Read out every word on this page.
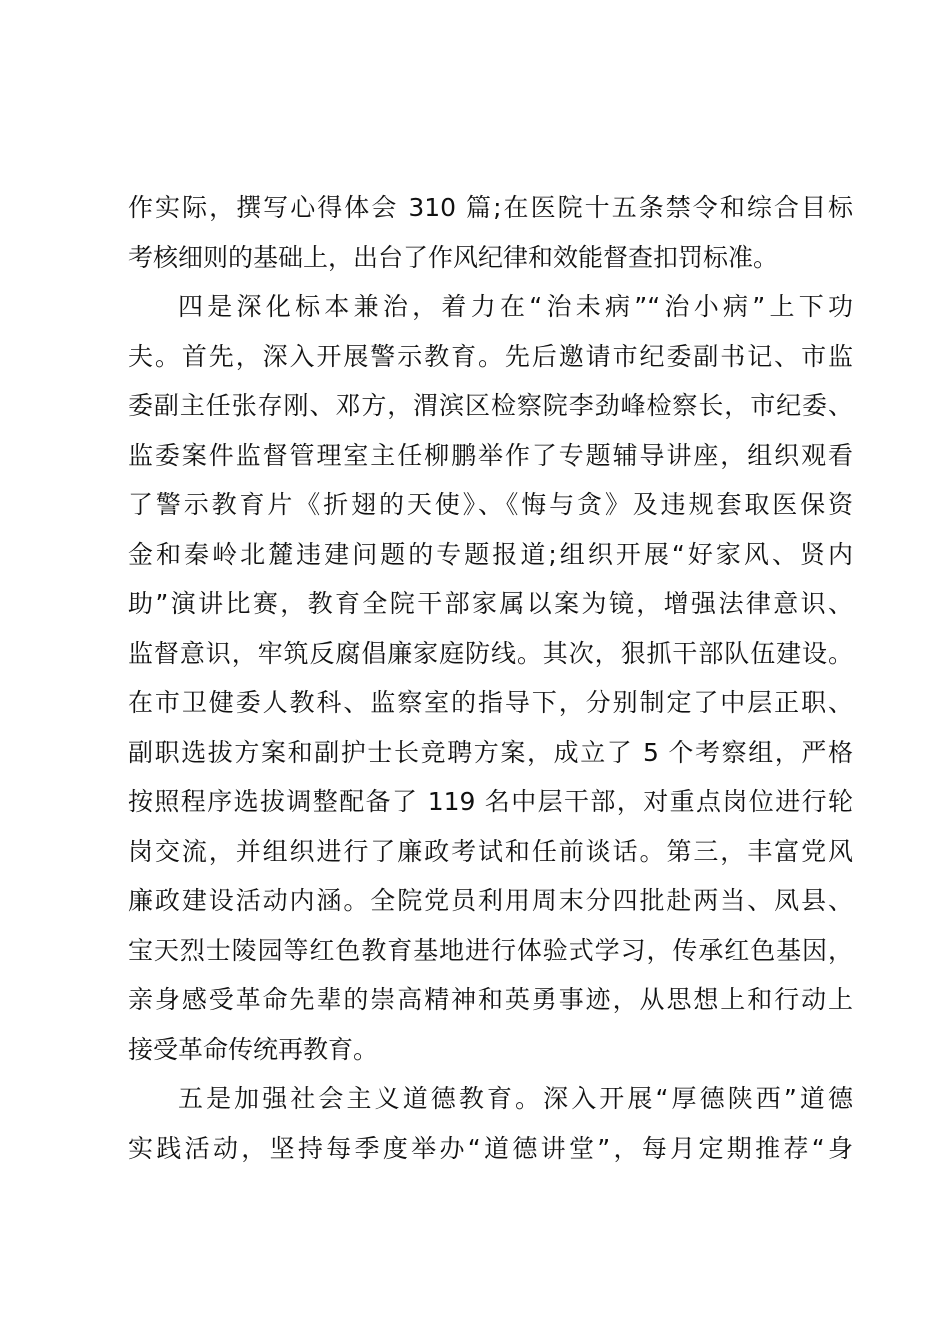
作实际，撰写心得体会 310 篇;在医院十五条禁令和综合目标
考核细则的基础上，出台了作风纪律和效能督查扣罚标准。
四是深化标本兼治，着力在“治未病”“治小病”上下功
夫。首先，深入开展警示教育。先后邀请市纪委副书记、市监
委副主任张存刚、邓方，渭滨区检察院李劲峰检察长，市纪委、
监委案件监督管理室主任柳鹏举作了专题辅导讲座，组织观看
了警示教育片《折翅的天使》、《悔与贪》及违规套取医保资
金和秦岭北麓违建问题的专题报道;组织开展“好家风、贤内
助”演讲比赛，教育全院干部家属以案为镜，增强法律意识、
监督意识，牢筑反腐倡廉家庭防线。其次，狠抓干部队伍建设。
在市卫健委人教科、监察室的指导下，分别制定了中层正职、
副职选拔方案和副护士长竞聘方案，成立了 5 个考察组，严格
按照程序选拔调整配备了 119 名中层干部，对重点岗位进行轮
岗交流，并组织进行了廉政考试和任前谈话。第三，丰富党风
廉政建设活动内涵。全院党员利用周末分四批赴两当、凤县、
宝天烈士陵园等红色教育基地进行体验式学习，传承红色基因，
亲身感受革命先辈的崇高精神和英勇事迹，从思想上和行动上
接受革命传统再教育。
五是加强社会主义道德教育。深入开展“厚德陕西”道德
实践活动，坚持每季度举办“道德讲堂”，每月定期推荐“身
